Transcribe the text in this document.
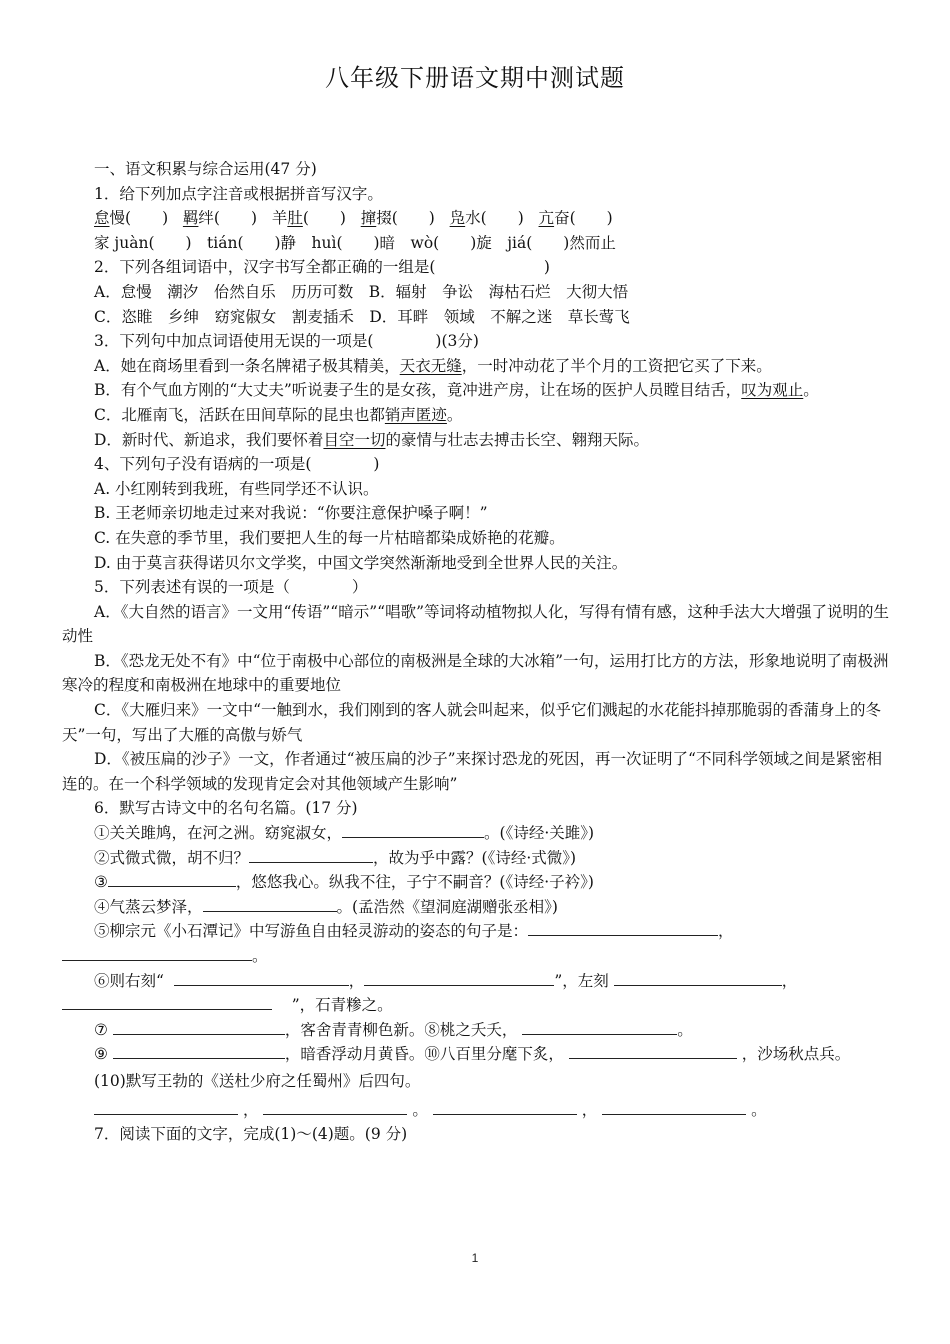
八年级下册语文期中测试题

一、语文积累与综合运用(47 分)

1．给下列加点字注音或根据拼音写汉字。

怠慢(　　) 羁绊(　　) 羊肚(　　) 撺掇(　　) 凫水(　　) 亢奋(　　)

家 juàn(　　)　tián(　　)静　huì(　　)暗　wò(　　)旋　jiá(　　)然而止

2．下列各组词语中，汉字书写全都正确的一组是(　　　　　　　)

A．怠慢　潮汐　佁然自乐　历历可数　B．辐射　争讼　海枯石烂　大彻大悟

C．恣睢　乡绅　窈窕俶女　割麦插禾　D．耳畔　领域　不解之迷　草长莺飞

3．下列句中加点词语使用无误的一项是(　　　　)(3分)

A．她在商场里看到一条名牌裙子极其精美，天衣无缝，一时冲动花了半个月的工资把它买了下来。

B．有个气血方刚的“大丈夫”听说妻子生的是女孩，竟冲进产房，让在场的医护人员瞠目结舌，叹为观止。

C．北雁南飞，活跃在田间草际的昆虫也都销声匿迹。

D．新时代、新追求，我们要怀着目空一切的豪情与壮志去搏击长空、翱翔天际。

4、下列句子没有语病的一项是(　　　　)

A. 小红刚转到我班，有些同学还不认识。

B. 王老师亲切地走过来对我说：“你要注意保护嗓子啊！”

C. 在失意的季节里，我们要把人生的每一片枯暗都染成娇艳的花瓣。

D. 由于莫言获得诺贝尔文学奖，中国文学突然渐渐地受到全世界人民的关注。

5．下列表述有误的一项是（　　　　）

A．《大自然的语言》一文用“传语”“暗示”“唱歌”等词将动植物拟人化，写得有情有感，这种手法大大增强了说明的生动性

B．《恐龙无处不有》中“位于南极中心部位的南极洲是全球的大冰箱”一句，运用打比方的方法，形象地说明了南极洲寒冷的程度和南极洲在地球中的重要地位

C．《大雁归来》一文中“一触到水，我们刚到的客人就会叫起来，似乎它们溅起的水花能抖掉那脆弱的香蒲身上的冬天”一句，写出了大雁的高傲与娇气

D．《被压扁的沙子》一文，作者通过“被压扁的沙子”来探讨恐龙的死因，再一次证明了“不同科学领域之间是紧密相连的。在一个科学领域的发现肯定会对其他领域产生影响”

6．默写古诗文中的名句名篇。(17 分)

①关关雎鸠，在河之洲。窈窕淑女，	。(《诗经·关雎》)

②式微式微，胡不归？	，故为乎中露？(《诗经·式微》)

③	，悠悠我心。纵我不往，子宁不嗣音？(《诗经·子衿》)

④气蒸云梦泽，	。(孟浩然《望洞庭湖赠张丞相》)

⑤柳宗元《小石潭记》中写游鱼自由轻灵游动的姿态的句子是：	， 。

⑥则右刻“	，	”，左刻	，    ”，石青糁之。

⑦	，客舍青青柳色新。⑧桃之夭夭，	。

⑨	，暗香浮动月黄昏。⑩八百里分麾下炙，	，沙场秋点兵。

(10)默写王勃的《送杜少府之任蜀州》后四句。

，	。	，	。

7．阅读下面的文字，完成(1)～(4)题。(9 分)

1
